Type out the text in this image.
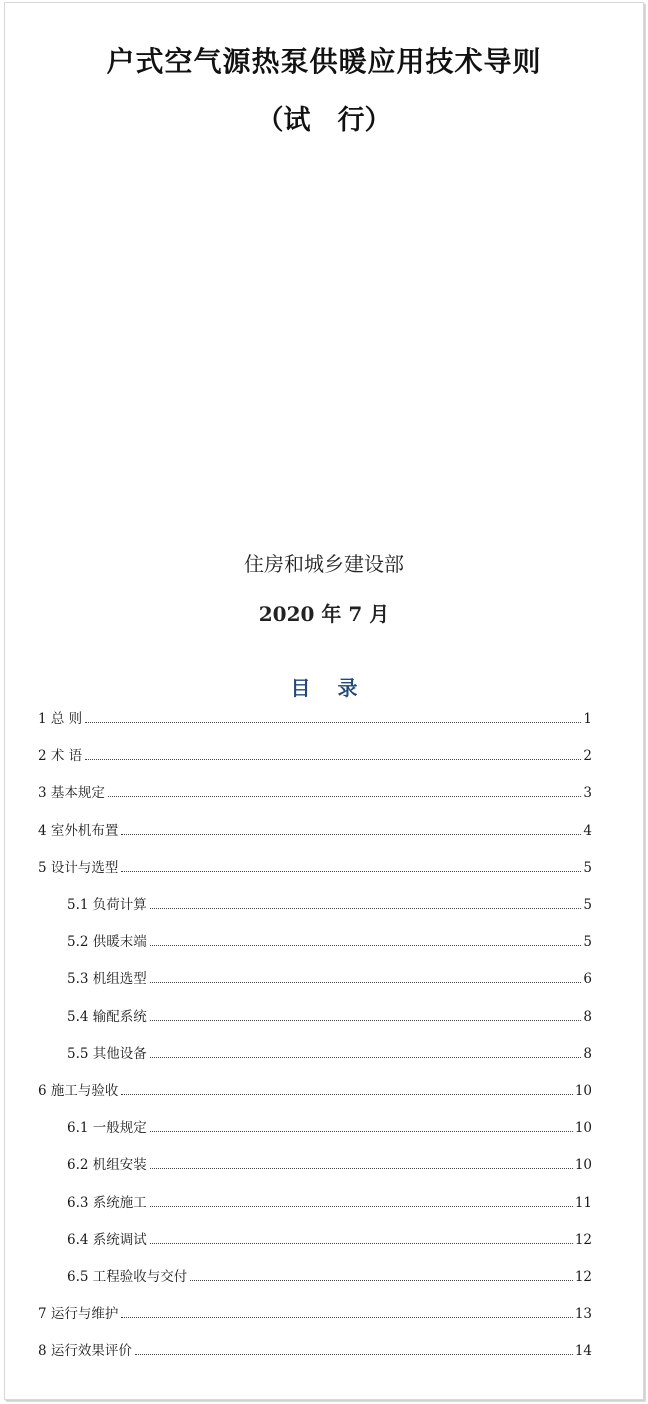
户式空气源热泵供暖应用技术导则
（试　行）
住房和城乡建设部
2020 年 7 月
目 录
1 总 则	1
2 术 语	2
3 基本规定	3
4 室外机布置	4
5 设计与选型	5
5.1 负荷计算	5
5.2 供暖末端	5
5.3 机组选型	6
5.4 输配系统	8
5.5 其他设备	8
6 施工与验收	10
6.1 一般规定	10
6.2 机组安装	10
6.3 系统施工	11
6.4 系统调试	12
6.5 工程验收与交付	12
7 运行与维护	13
8 运行效果评价	14
